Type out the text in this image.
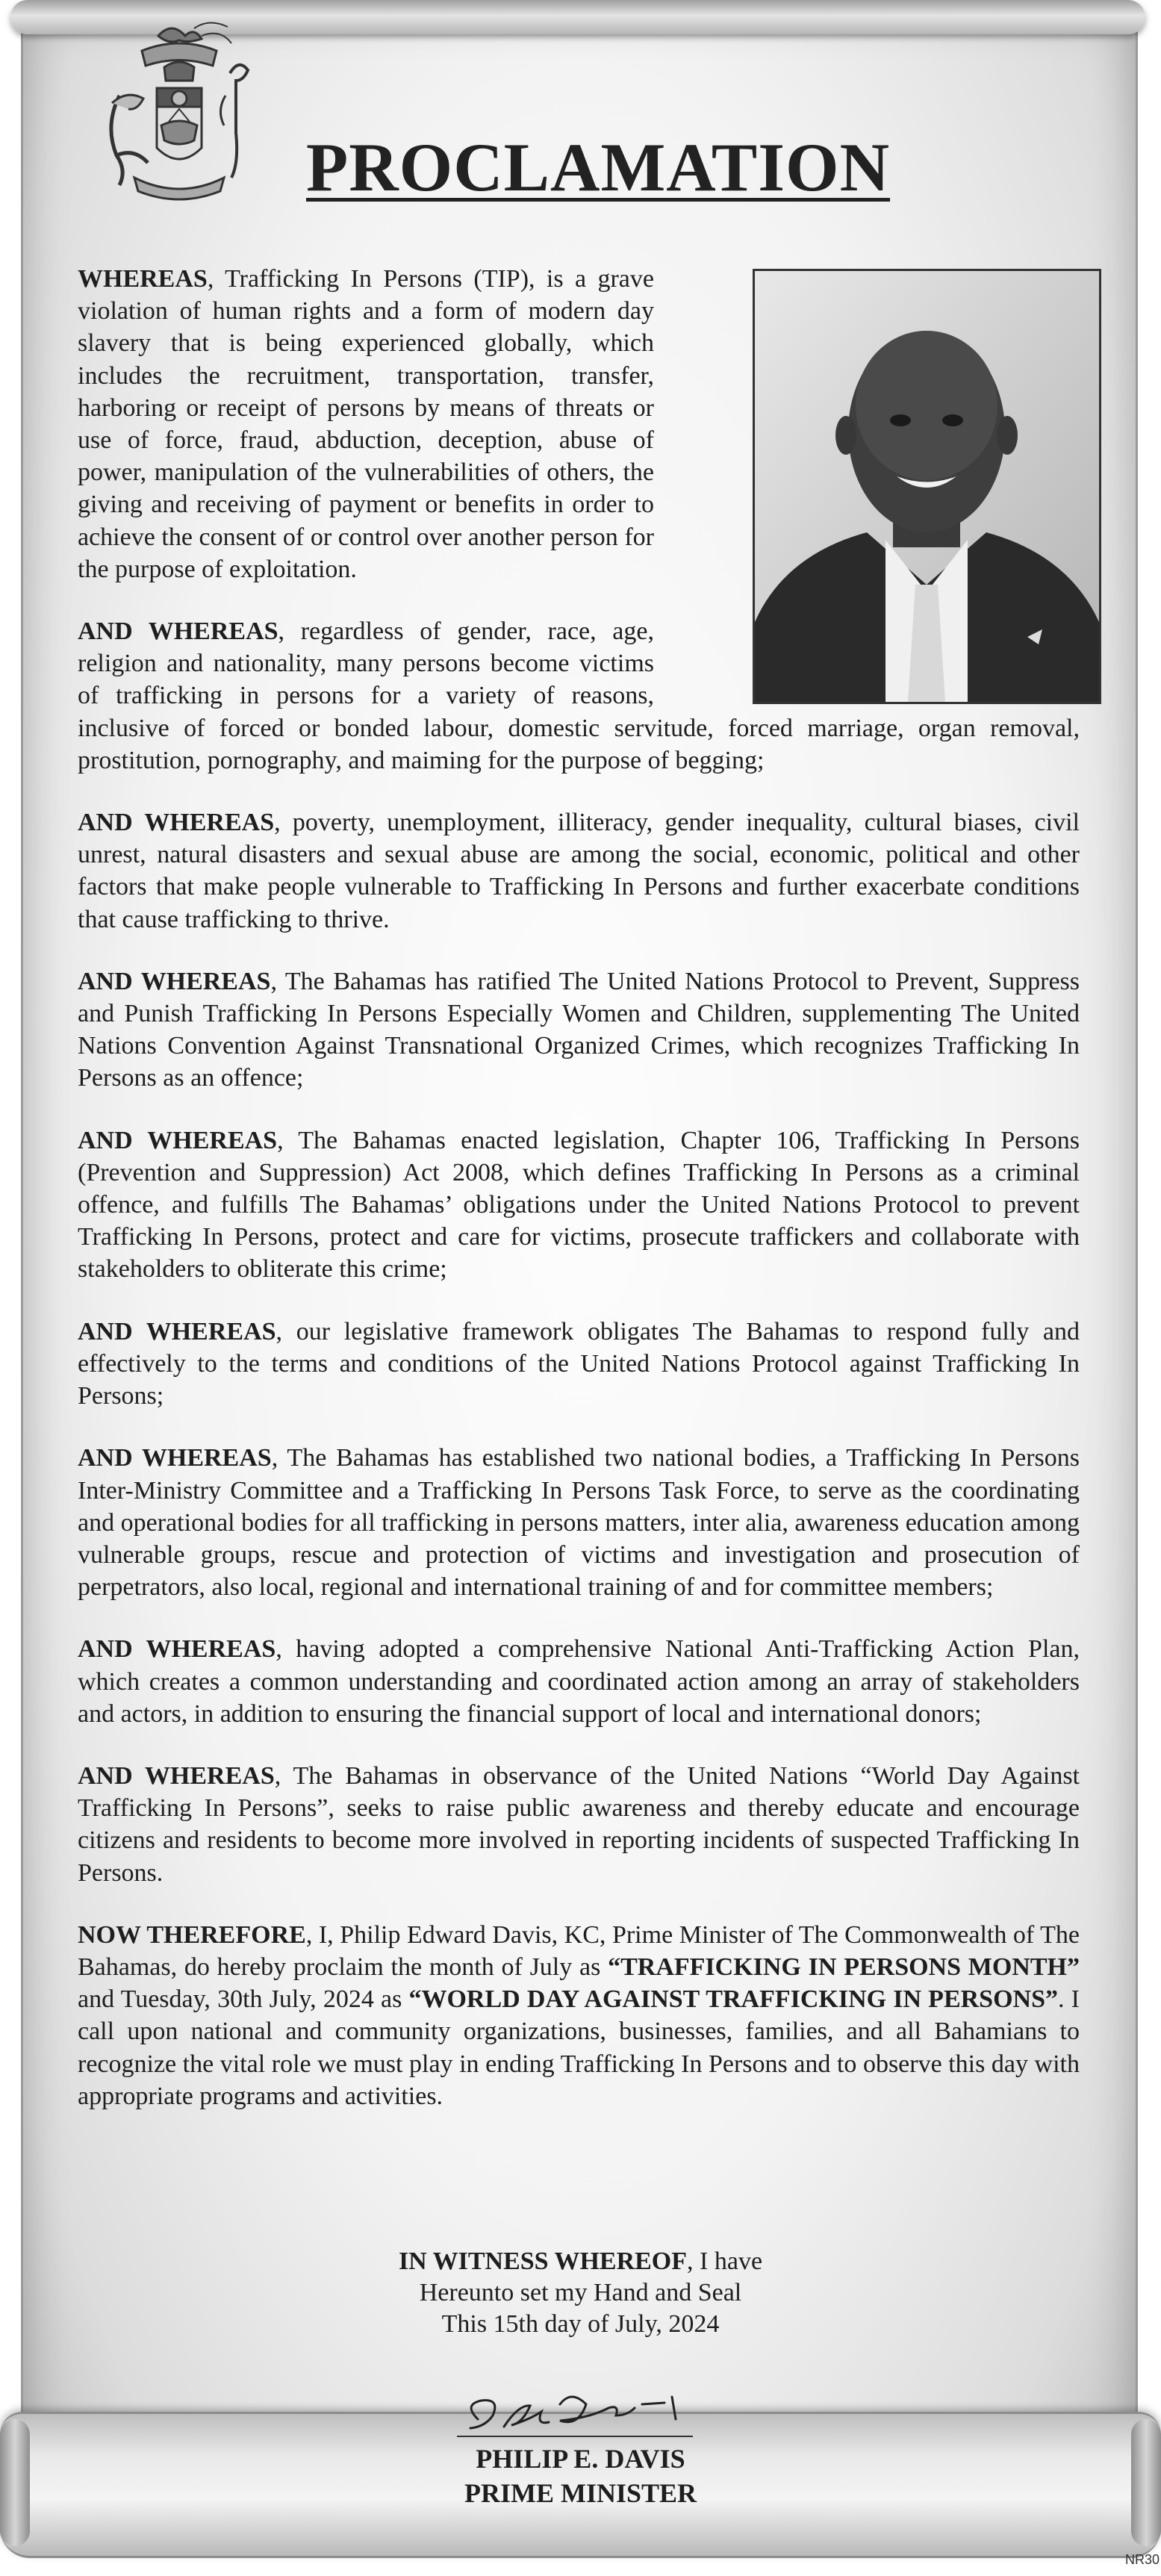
PROCLAMATION

WHEREAS, Trafficking In Persons (TIP), is a grave violation of human rights and a form of modern day slavery that is being experienced globally, which includes the recruitment, transportation, transfer, harboring or receipt of persons by means of threats or use of force, fraud, abduction, deception, abuse of power, manipulation of the vulnerabilities of others, the giving and receiving of payment or benefits in order to achieve the consent of or control over another person for the purpose of exploitation.

AND WHEREAS, regardless of gender, race, age, religion and nationality, many persons become victims of trafficking in persons for a variety of reasons, inclusive of forced or bonded labour, domestic servitude, forced marriage, organ removal, prostitution, pornography, and maiming for the purpose of begging;

AND WHEREAS, poverty, unemployment, illiteracy, gender inequality, cultural biases, civil unrest, natural disasters and sexual abuse are among the social, economic, political and other factors that make people vulnerable to Trafficking In Persons and further exacerbate conditions that cause trafficking to thrive.

AND WHEREAS, The Bahamas has ratified The United Nations Protocol to Prevent, Suppress and Punish Trafficking In Persons Especially Women and Children, supplementing The United Nations Convention Against Transnational Organized Crimes, which recognizes Trafficking In Persons as an offence;

AND WHEREAS, The Bahamas enacted legislation, Chapter 106, Trafficking In Persons (Prevention and Suppression) Act 2008, which defines Trafficking In Persons as a criminal offence, and fulfills The Bahamas’ obligations under the United Nations Protocol to prevent Trafficking In Persons, protect and care for victims, prosecute traffickers and collaborate with stakeholders to obliterate this crime;

AND WHEREAS, our legislative framework obligates The Bahamas to respond fully and effectively to the terms and conditions of the United Nations Protocol against Trafficking In Persons;

AND WHEREAS, The Bahamas has established two national bodies, a Trafficking In Persons Inter-Ministry Committee and a Trafficking In Persons Task Force, to serve as the coordinating and operational bodies for all trafficking in persons matters, inter alia, awareness education among vulnerable groups, rescue and protection of victims and investigation and prosecution of perpetrators, also local, regional and international training of and for committee members;

AND WHEREAS, having adopted a comprehensive National Anti-Trafficking Action Plan, which creates a common understanding and coordinated action among an array of stakeholders and actors, in addition to ensuring the financial support of local and international donors;

AND WHEREAS, The Bahamas in observance of the United Nations “World Day Against Trafficking In Persons”, seeks to raise public awareness and thereby educate and encourage citizens and residents to become more involved in reporting incidents of suspected Trafficking In Persons.

NOW THEREFORE, I, Philip Edward Davis, KC, Prime Minister of The Commonwealth of The Bahamas, do hereby proclaim the month of July as “TRAFFICKING IN PERSONS MONTH” and Tuesday, 30th July, 2024 as “WORLD DAY AGAINST TRAFFICKING IN PERSONS”. I call upon national and community organizations, businesses, families, and all Bahamians to recognize the vital role we must play in ending Trafficking In Persons and to observe this day with appropriate programs and activities.

IN WITNESS WHEREOF, I have
Hereunto set my Hand and Seal
This 15th day of July, 2024
PHILIP E. DAVIS
PRIME MINISTER
NR30
